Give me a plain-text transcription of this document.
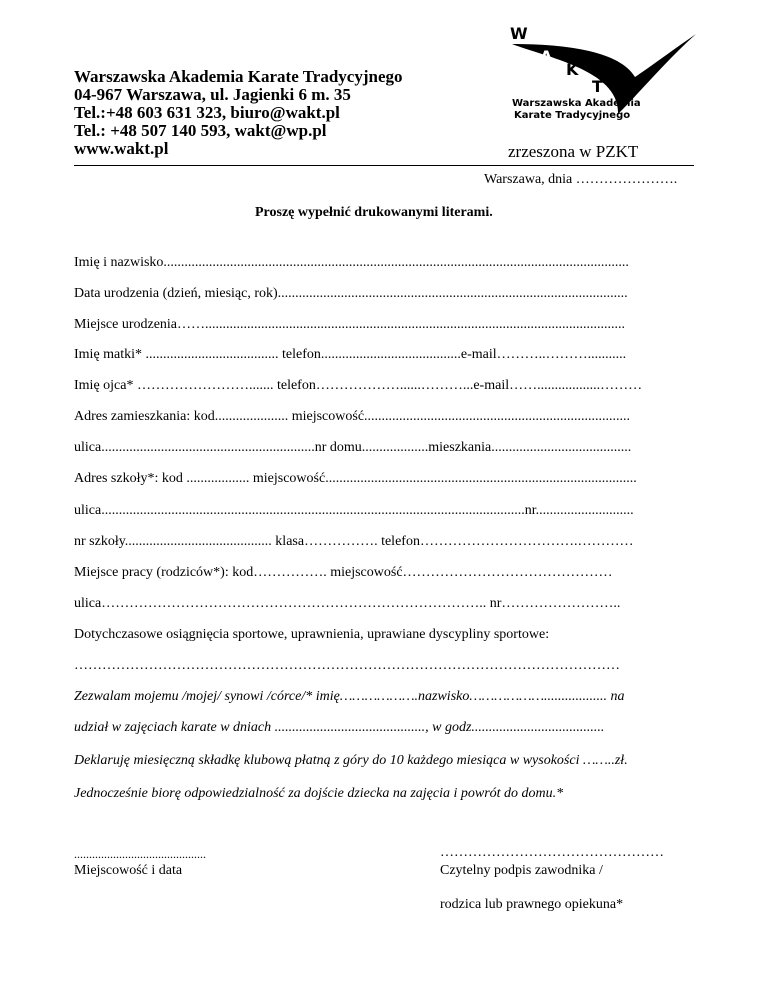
Warszawska Akademia Karate Tradycyjnego
04-967 Warszawa, ul. Jagienki 6 m. 35
Tel.:+48 603 631 323, biuro@wakt.pl
Tel.: +48 507 140 593, wakt@wp.pl
www.wakt.pl
W
A
K
T
Warszawska Akademia
Karate Tradycyjnego
zrzeszona w PZKT
Warszawa, dnia ………………….
Proszę wypełnić drukowanymi literami.
Imię i nazwisko.....................................................................................................................................
Data urodzenia (dzień, miesiąc, rok)....................................................................................................
Miejsce urodzenia……........................................................................................................................
Imię matki* ...................................... telefon........................................e-mail………..………...........
Imię ojca* ……………………....... telefon………………......………...e-mail……..................………
Adres zamieszkania: kod..................... miejscowość............................................................................
ulica.............................................................nr domu...................mieszkania........................................
Adres szkoły*: kod .................. miejscowość.........................................................................................
ulica.........................................................................................................................nr............................
nr szkoły.......................................... klasa……………. telefon…………………………….…………
Miejsce pracy (rodziców*): kod……………. miejscowość………………………………………
ulica……………………………………………………………………….. nr……………………..
Dotychczasowe osiągnięcia sportowe, uprawnienia, uprawiane dyscypliny sportowe:
………………………………………………………………………………………………………
Zezwalam mojemu /mojej/ synowi /córce/* imię……………….nazwisko……………….................. na
udział w zajęciach karate w dniach ..........................................., w godz......................................
Deklaruję miesięczną składkę klubową płatną z góry do 10 każdego miesiąca w wysokości ……..zł.
Jednocześnie biorę odpowiedzialność za dojście dziecka na zajęcia i powrót do domu.*
............................................
Miejscowość i data
…………………………………………
Czytelny podpis zawodnika /
rodzica lub prawnego opiekuna*
